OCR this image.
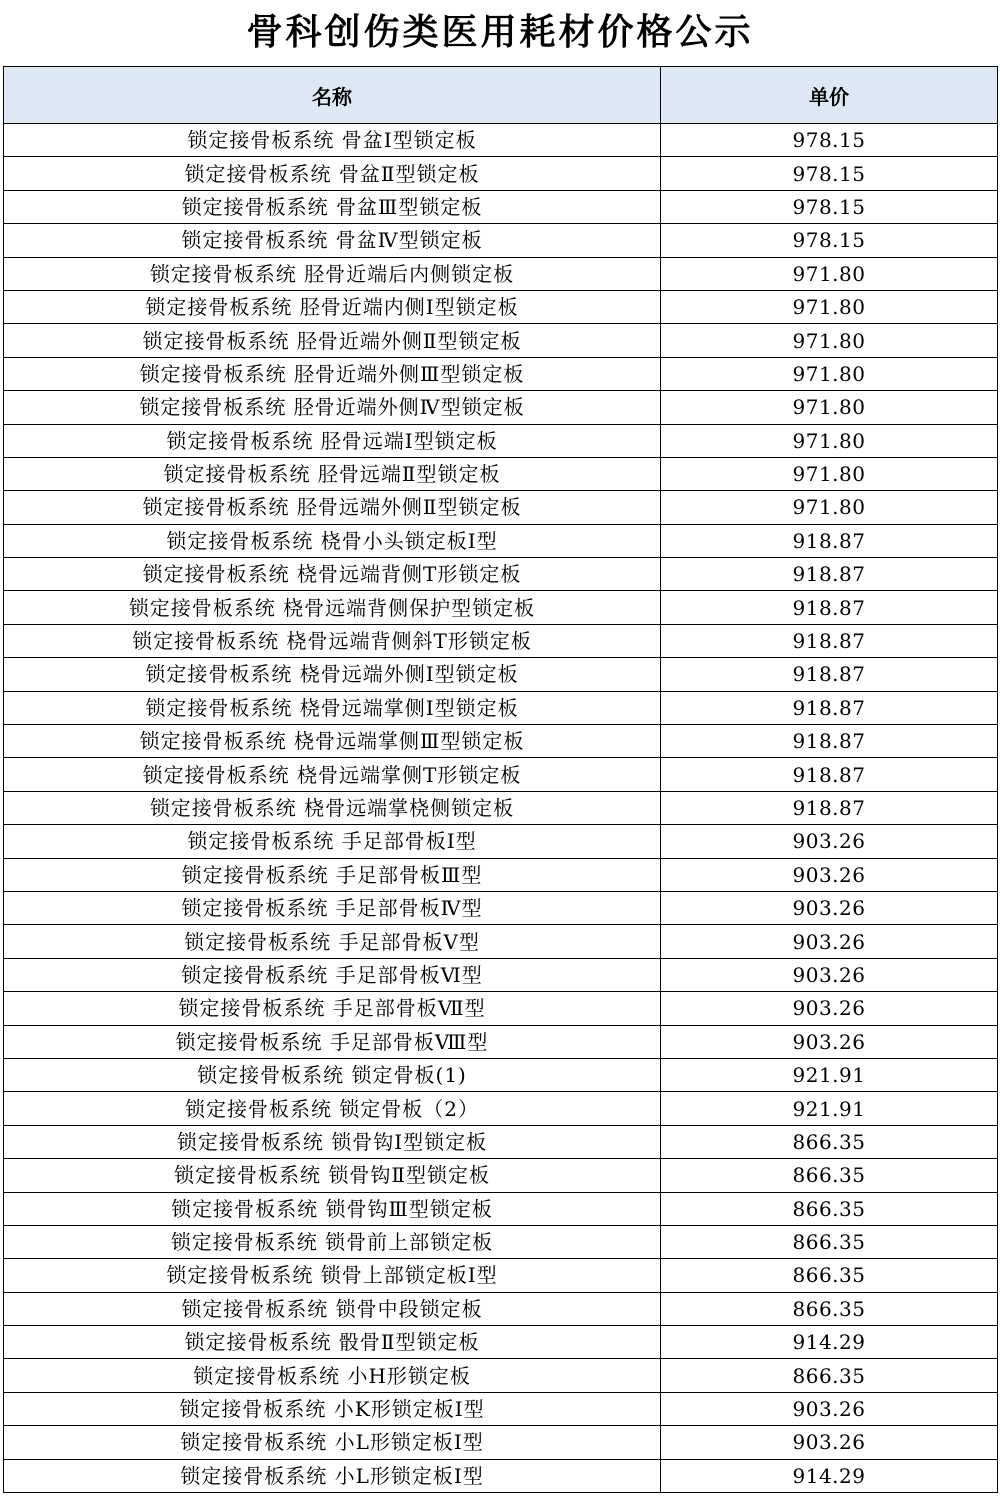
骨科创伤类医用耗材价格公示
名称	单价
锁定接骨板系统 骨盆Ⅰ型锁定板	978.15
锁定接骨板系统 骨盆Ⅱ型锁定板	978.15
锁定接骨板系统 骨盆Ⅲ型锁定板	978.15
锁定接骨板系统 骨盆Ⅳ型锁定板	978.15
锁定接骨板系统 胫骨近端后内侧锁定板	971.80
锁定接骨板系统 胫骨近端内侧Ⅰ型锁定板	971.80
锁定接骨板系统 胫骨近端外侧Ⅱ型锁定板	971.80
锁定接骨板系统 胫骨近端外侧Ⅲ型锁定板	971.80
锁定接骨板系统 胫骨近端外侧Ⅳ型锁定板	971.80
锁定接骨板系统 胫骨远端Ⅰ型锁定板	971.80
锁定接骨板系统 胫骨远端Ⅱ型锁定板	971.80
锁定接骨板系统 胫骨远端外侧Ⅱ型锁定板	971.80
锁定接骨板系统 桡骨小头锁定板Ⅰ型	918.87
锁定接骨板系统 桡骨远端背侧T形锁定板	918.87
锁定接骨板系统 桡骨远端背侧保护型锁定板	918.87
锁定接骨板系统 桡骨远端背侧斜T形锁定板	918.87
锁定接骨板系统 桡骨远端外侧Ⅰ型锁定板	918.87
锁定接骨板系统 桡骨远端掌侧Ⅰ型锁定板	918.87
锁定接骨板系统 桡骨远端掌侧Ⅲ型锁定板	918.87
锁定接骨板系统 桡骨远端掌侧T形锁定板	918.87
锁定接骨板系统 桡骨远端掌桡侧锁定板	918.87
锁定接骨板系统 手足部骨板Ⅰ型	903.26
锁定接骨板系统 手足部骨板Ⅲ型	903.26
锁定接骨板系统 手足部骨板Ⅳ型	903.26
锁定接骨板系统 手足部骨板Ⅴ型	903.26
锁定接骨板系统 手足部骨板Ⅵ型	903.26
锁定接骨板系统 手足部骨板Ⅶ型	903.26
锁定接骨板系统 手足部骨板Ⅷ型	903.26
锁定接骨板系统 锁定骨板(1)	921.91
锁定接骨板系统 锁定骨板（2）	921.91
锁定接骨板系统 锁骨钩Ⅰ型锁定板	866.35
锁定接骨板系统 锁骨钩Ⅱ型锁定板	866.35
锁定接骨板系统 锁骨钩Ⅲ型锁定板	866.35
锁定接骨板系统 锁骨前上部锁定板	866.35
锁定接骨板系统 锁骨上部锁定板Ⅰ型	866.35
锁定接骨板系统 锁骨中段锁定板	866.35
锁定接骨板系统 骰骨Ⅱ型锁定板	914.29
锁定接骨板系统 小H形锁定板	866.35
锁定接骨板系统 小K形锁定板Ⅰ型	903.26
锁定接骨板系统 小L形锁定板Ⅰ型	903.26
锁定接骨板系统 小L形锁定板Ⅰ型	914.29
